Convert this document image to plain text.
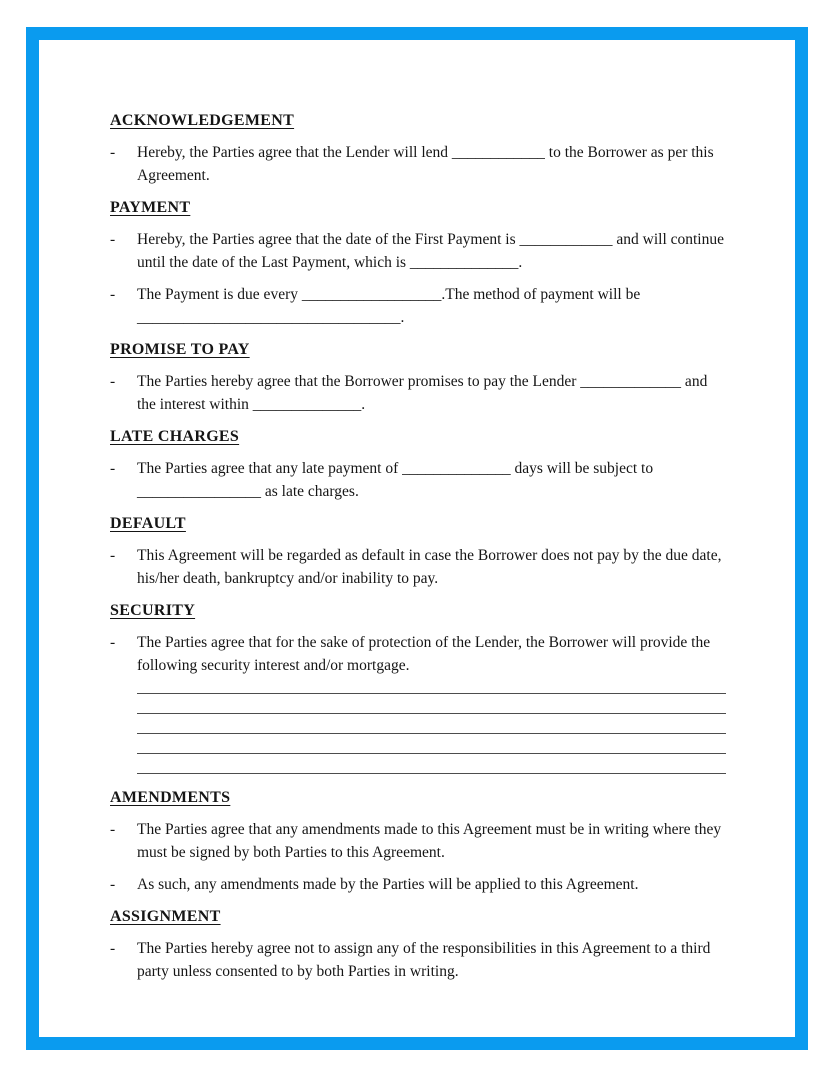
ACKNOWLEDGEMENT
-	Hereby, the Parties agree that the Lender will lend ____________ to the Borrower as per this Agreement.

PAYMENT
-	Hereby, the Parties agree that the date of the First Payment is ____________ and will continue until the date of the Last Payment, which is ______________.

-	The Payment is due every __________________.The method of payment will be __________________________________.

PROMISE TO PAY
-	The Parties hereby agree that the Borrower promises to pay the Lender _____________ and the interest within ______________.

LATE CHARGES
-	The Parties agree that any late payment of ______________ days will be subject to ________________ as late charges.

DEFAULT
-	This Agreement will be regarded as default in case the Borrower does not pay by the due date, his/her death, bankruptcy and/or inability to pay.

SECURITY
-	The Parties agree that for the sake of protection of the Lender, the Borrower will provide the following security interest and/or mortgage.

AMENDMENTS
-	The Parties agree that any amendments made to this Agreement must be in writing where they must be signed by both Parties to this Agreement.

-	As such, any amendments made by the Parties will be applied to this Agreement.

ASSIGNMENT
-	The Parties hereby agree not to assign any of the responsibilities in this Agreement to a third party unless consented to by both Parties in writing.
